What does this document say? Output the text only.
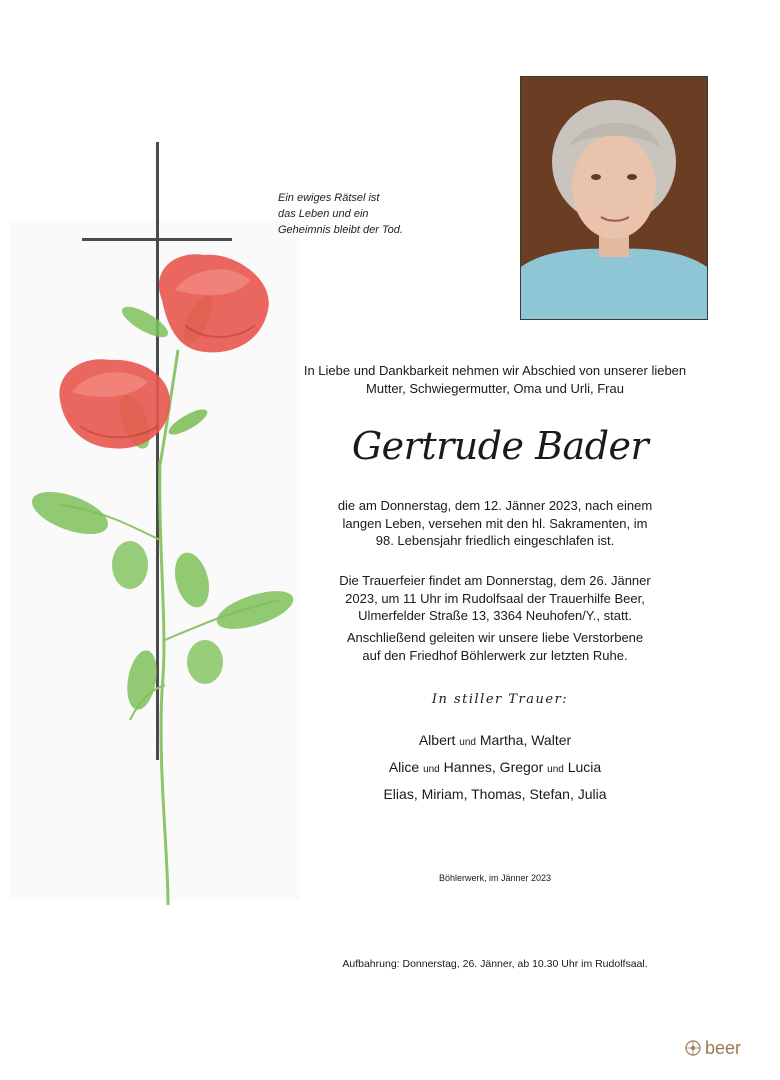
Ein ewiges Rätsel ist
das Leben und ein
Geheimnis bleibt der Tod.
In Liebe und Dankbarkeit nehmen wir Abschied von unserer lieben
Mutter, Schwiegermutter, Oma und Urli, Frau
Gertrude Bader
die am Donnerstag, dem 12. Jänner 2023, nach einem
langen Leben, versehen mit den hl. Sakramenten, im
98. Lebensjahr friedlich eingeschlafen ist.
Die Trauerfeier findet am Donnerstag, dem 26. Jänner
2023, um 11 Uhr im Rudolfsaal der Trauerhilfe Beer,
Ulmerfelder Straße 13, 3364 Neuhofen/Y., statt.
Anschließend geleiten wir unsere liebe Verstorbene
auf den Friedhof Böhlerwerk zur letzten Ruhe.
In stiller Trauer:
Albert und Martha, Walter
Alice und Hannes, Gregor und Lucia
Elias, Miriam, Thomas, Stefan, Julia
Böhlerwerk, im Jänner 2023
Aufbahrung: Donnerstag, 26. Jänner, ab 10.30 Uhr im Rudolfsaal.
beer
